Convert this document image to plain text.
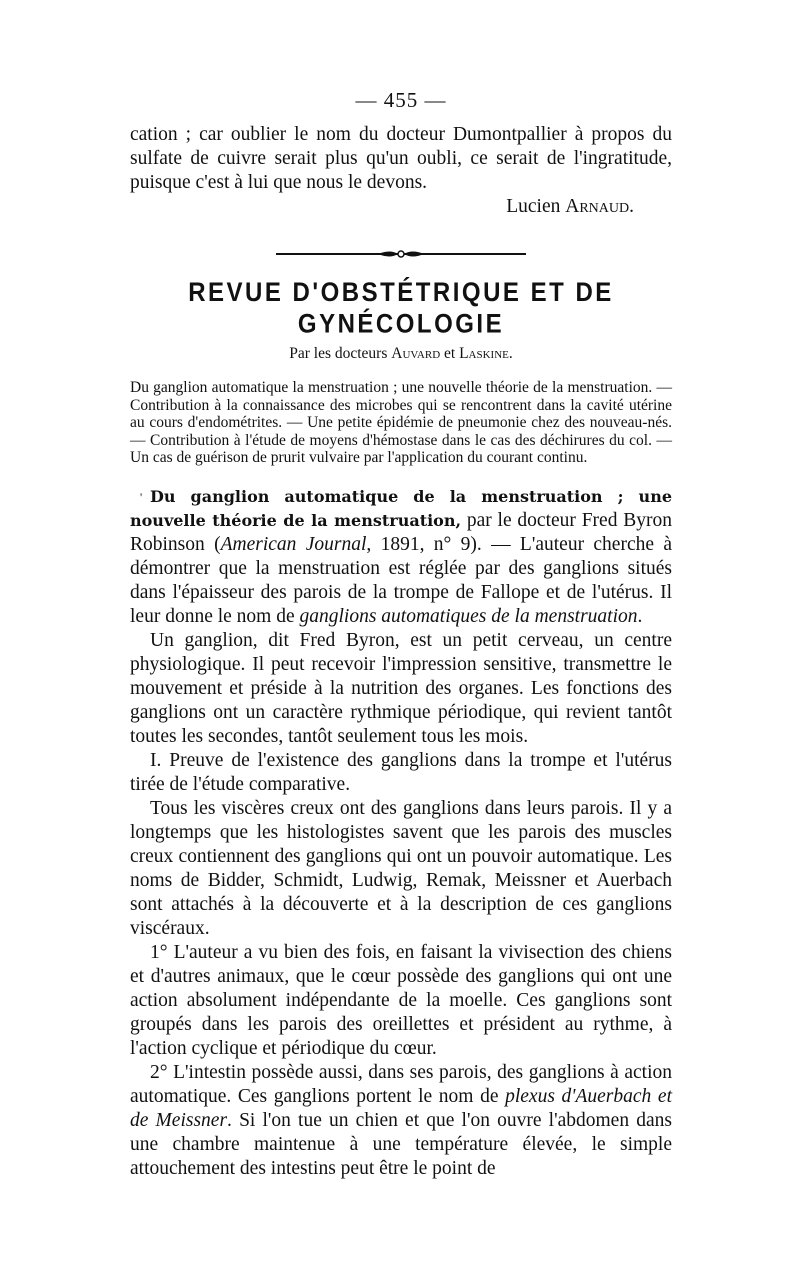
— 455 —

cation ; car oublier le nom du docteur Dumontpallier à propos du sulfate de cuivre serait plus qu'un oubli, ce serait de l'ingratitude, puisque c'est à lui que nous le devons.

Lucien Arnaud.

REVUE D'OBSTÉTRIQUE ET DE GYNÉCOLOGIE

Par les docteurs Auvard et Laskine.

Du ganglion automatique la menstruation ; une nouvelle théorie de la menstruation. — Contribution à la connaissance des microbes qui se rencontrent dans la cavité utérine au cours d'endométrites. — Une petite épidémie de pneumonie chez des nouveau-nés. — Contribution à l'étude de moyens d'hémostase dans le cas des déchirures du col. — Un cas de guérison de prurit vulvaire par l'application du courant continu.

' Du ganglion automatique de la menstruation ; une nouvelle théorie de la menstruation, par le docteur Fred Byron Robinson (American Journal, 1891, n° 9). — L'auteur cherche à démontrer que la menstruation est réglée par des ganglions situés dans l'épaisseur des parois de la trompe de Fallope et de l'utérus. Il leur donne le nom de ganglions automatiques de la menstruation.

Un ganglion, dit Fred Byron, est un petit cerveau, un centre physiologique. Il peut recevoir l'impression sensitive, transmettre le mouvement et préside à la nutrition des organes. Les fonctions des ganglions ont un caractère rythmique périodique, qui revient tantôt toutes les secondes, tantôt seulement tous les mois.

I. Preuve de l'existence des ganglions dans la trompe et l'utérus tirée de l'étude comparative.

Tous les viscères creux ont des ganglions dans leurs parois. Il y a longtemps que les histologistes savent que les parois des muscles creux contiennent des ganglions qui ont un pouvoir automatique. Les noms de Bidder, Schmidt, Ludwig, Remak, Meissner et Auerbach sont attachés à la découverte et à la description de ces ganglions viscéraux.

1° L'auteur a vu bien des fois, en faisant la vivisection des chiens et d'autres animaux, que le cœur possède des ganglions qui ont une action absolument indépendante de la moelle. Ces ganglions sont groupés dans les parois des oreillettes et président au rythme, à l'action cyclique et périodique du cœur.

2° L'intestin possède aussi, dans ses parois, des ganglions à action automatique. Ces ganglions portent le nom de plexus d'Auerbach et de Meissner. Si l'on tue un chien et que l'on ouvre l'abdomen dans une chambre maintenue à une température élevée, le simple attouchement des intestins peut être le point de
